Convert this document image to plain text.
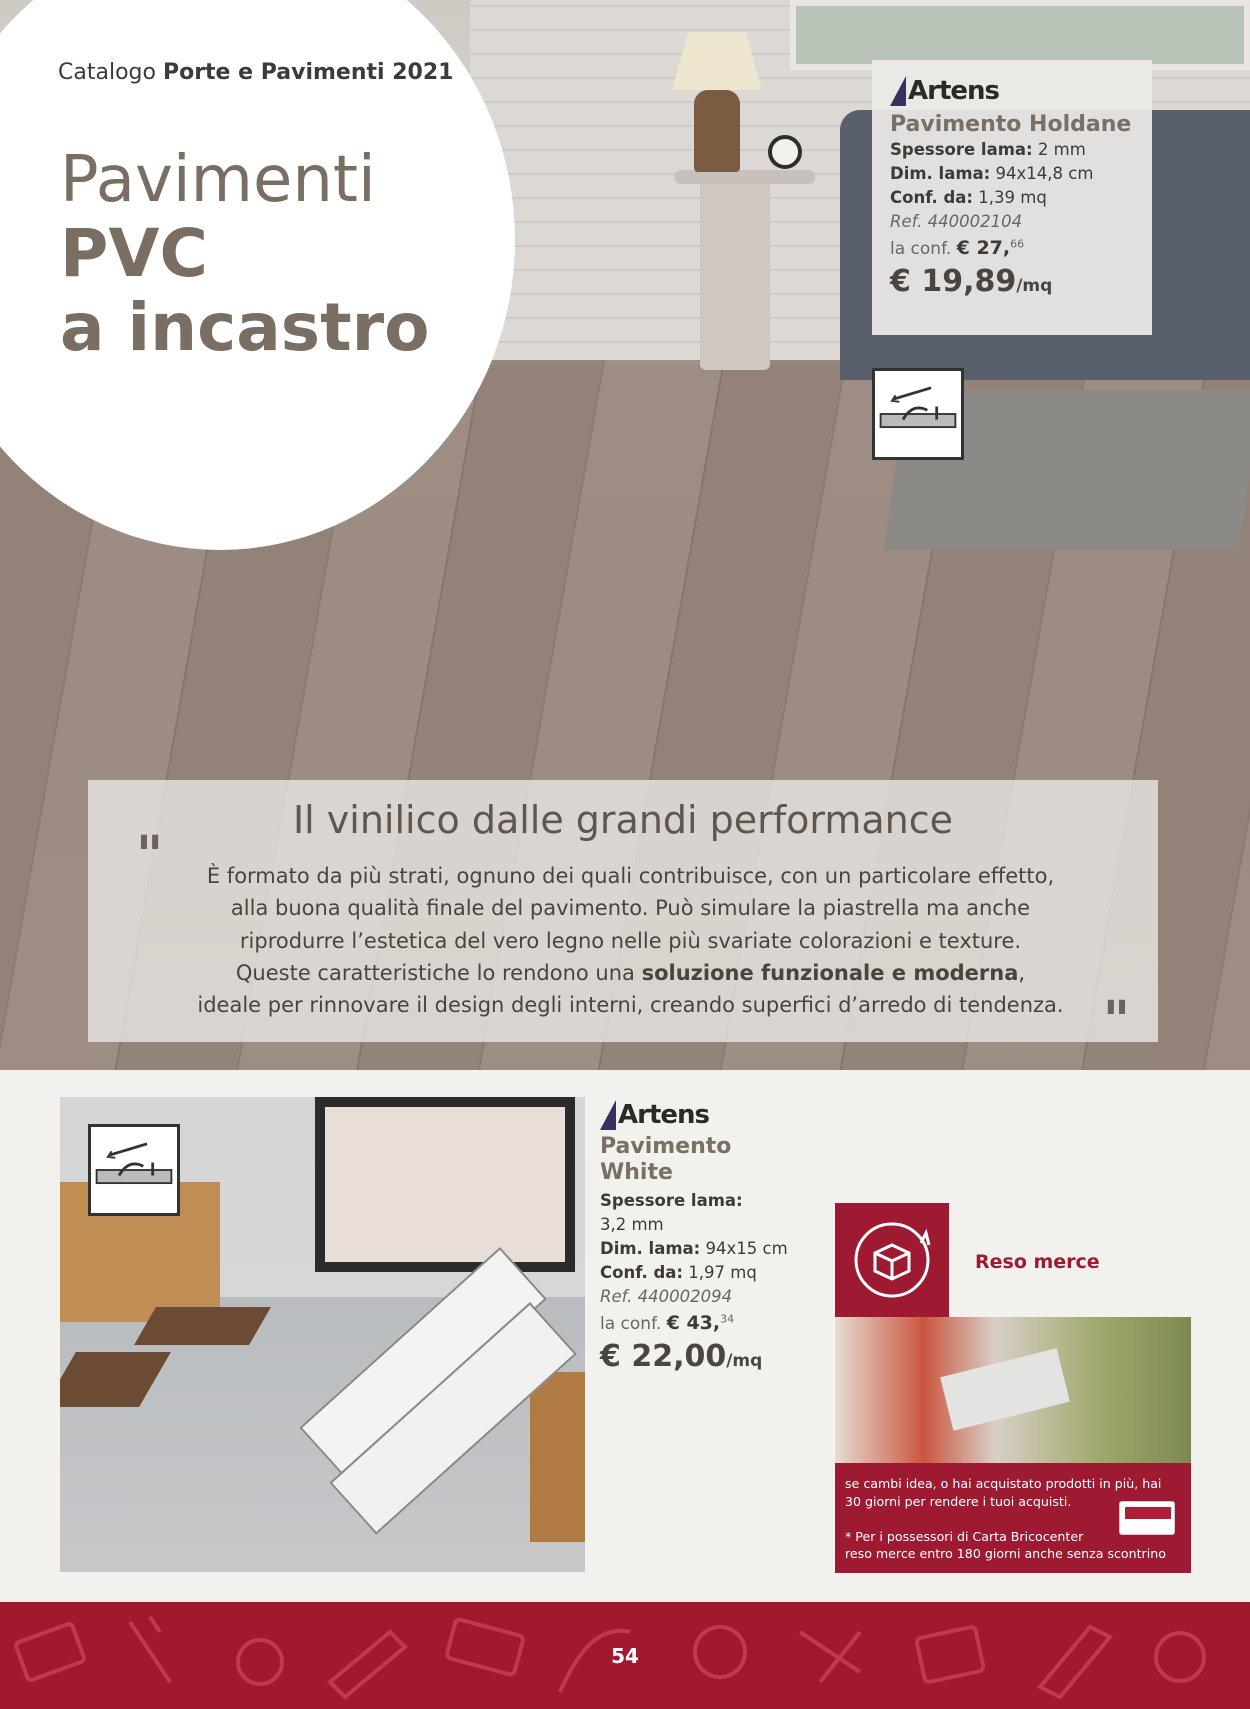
Catalogo Porte e Pavimenti 2021
Pavimenti
PVC
a incastro
Artens
Pavimento Holdane
Spessore lama: 2 mm
Dim. lama: 94x14,8 cm
Conf. da: 1,39 mq
Ref. 440002104
la conf. € 27,66
€ 19,89/mq
"
Il vinilico dalle grandi performance
È formato da più strati, ognuno dei quali contribuisce, con un particolare effetto,
alla buona qualità finale del pavimento. Può simulare la piastrella ma anche
riprodurre l’estetica del vero legno nelle più svariate colorazioni e texture.
Queste caratteristiche lo rendono una soluzione funzionale e moderna,
ideale per rinnovare il design degli interni, creando superfici d’arredo di tendenza. "
Artens
Pavimento
White
Spessore lama:
3,2 mm
Dim. lama: 94x15 cm
Conf. da: 1,97 mq
Ref. 440002094
la conf. € 43,34
€ 22,00/mq
Reso merce
se cambi idea, o hai acquistato prodotti in più, hai 30 giorni per rendere i tuoi acquisti.
* Per i possessori di Carta Bricocenter
reso merce entro 180 giorni anche senza scontrino
54
